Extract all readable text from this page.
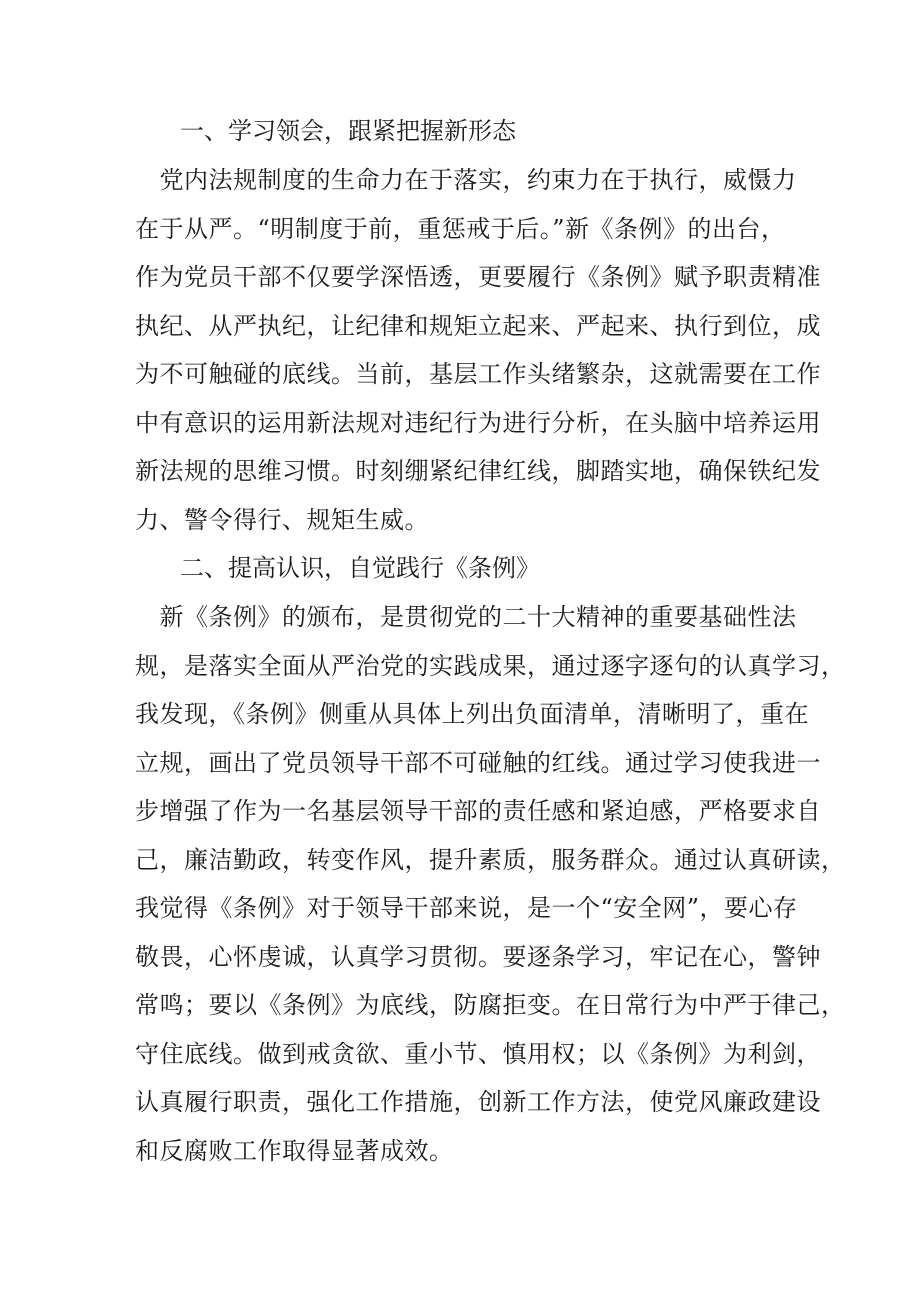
一、学习领会，跟紧把握新形态
　党内法规制度的生命力在于落实，约束力在于执行，威慑力
在于从严。“明制度于前，重惩戒于后。”新《条例》的出台，
作为党员干部不仅要学深悟透，更要履行《条例》赋予职责精准
执纪、从严执纪，让纪律和规矩立起来、严起来、执行到位，成
为不可触碰的底线。当前，基层工作头绪繁杂，这就需要在工作
中有意识的运用新法规对违纪行为进行分析，在头脑中培养运用
新法规的思维习惯。时刻绷紧纪律红线，脚踏实地，确保铁纪发
力、警令得行、规矩生威。
二、提高认识，自觉践行《条例》
　新《条例》的颁布，是贯彻党的二十大精神的重要基础性法
规，是落实全面从严治党的实践成果，通过逐字逐句的认真学习，
我发现，《条例》侧重从具体上列出负面清单，清晰明了，重在
立规，画出了党员领导干部不可碰触的红线。通过学习使我进一
步增强了作为一名基层领导干部的责任感和紧迫感，严格要求自
己，廉洁勤政，转变作风，提升素质，服务群众。通过认真研读，
我觉得《条例》对于领导干部来说，是一个“安全网”，要心存
敬畏，心怀虔诚，认真学习贯彻。要逐条学习，牢记在心，警钟
常鸣；要以《条例》为底线，防腐拒变。在日常行为中严于律己，
守住底线。做到戒贪欲、重小节、慎用权；以《条例》为利剑，
认真履行职责，强化工作措施，创新工作方法，使党风廉政建设
和反腐败工作取得显著成效。
